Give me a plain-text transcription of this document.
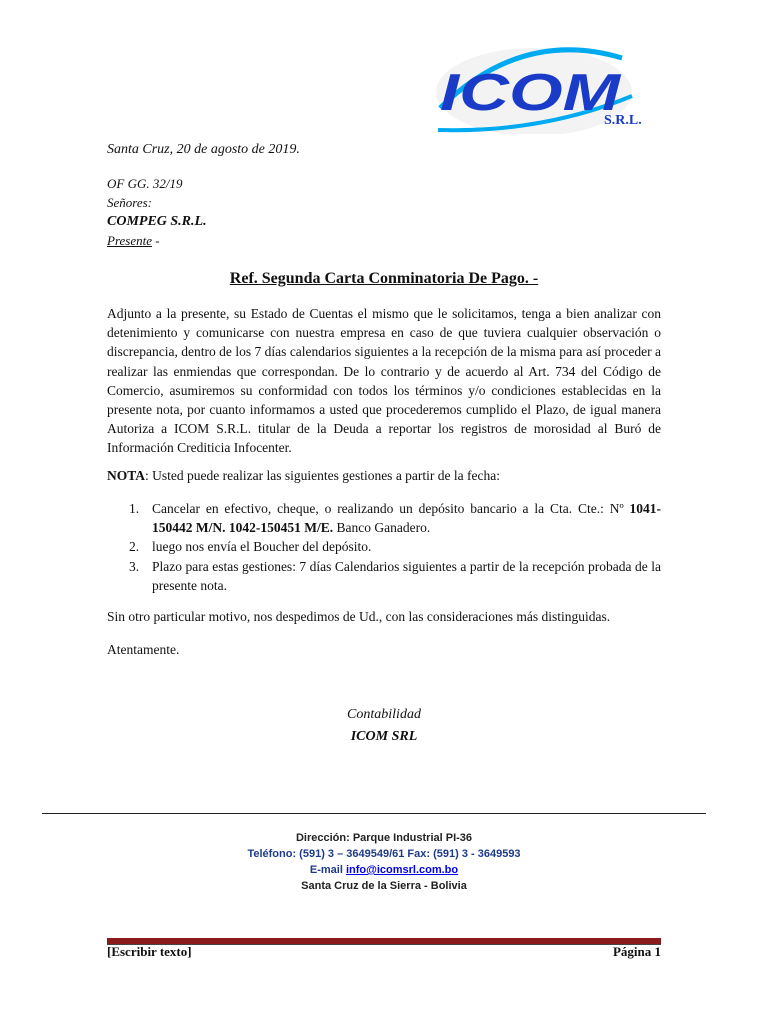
ICOM
S.R.L.
Santa Cruz, 20 de agosto de 2019.
OF GG. 32/19
Señores:
COMPEG S.R.L.
Presente -
Ref. Segunda Carta Conminatoria De Pago. -
Adjunto a la presente, su Estado de Cuentas el mismo que le solicitamos, tenga a bien analizar con detenimiento y comunicarse con nuestra empresa en caso de que tuviera cualquier observación o discrepancia, dentro de los 7 días calendarios siguientes a la recepción de la misma para así proceder a realizar las enmiendas que correspondan. De lo contrario y de acuerdo al Art. 734 del Código de Comercio, asumiremos su conformidad con todos los términos y/o condiciones establecidas en la presente nota, por cuanto informamos a usted que procederemos cumplido el Plazo, de igual manera Autoriza a ICOM S.R.L. titular de la Deuda a reportar los registros de morosidad al Buró de Información Crediticia Infocenter.
NOTA: Usted puede realizar las siguientes gestiones a partir de la fecha:
1. Cancelar en efectivo, cheque, o realizando un depósito bancario a la Cta. Cte.: Nº 1041-150442 M/N. 1042-150451 M/E. Banco Ganadero.
2. luego nos envía el Boucher del depósito.
3. Plazo para estas gestiones: 7 días Calendarios siguientes a partir de la recepción probada de la presente nota.
Sin otro particular motivo, nos despedimos de Ud., con las consideraciones más distinguidas.
Atentamente.
Contabilidad
ICOM SRL
Dirección: Parque Industrial PI-36
Teléfono: (591) 3 – 3649549/61 Fax: (591) 3 - 3649593
E-mail info@icomsrl.com.bo
Santa Cruz de la Sierra - Bolivia
[Escribir texto]	Página 1
